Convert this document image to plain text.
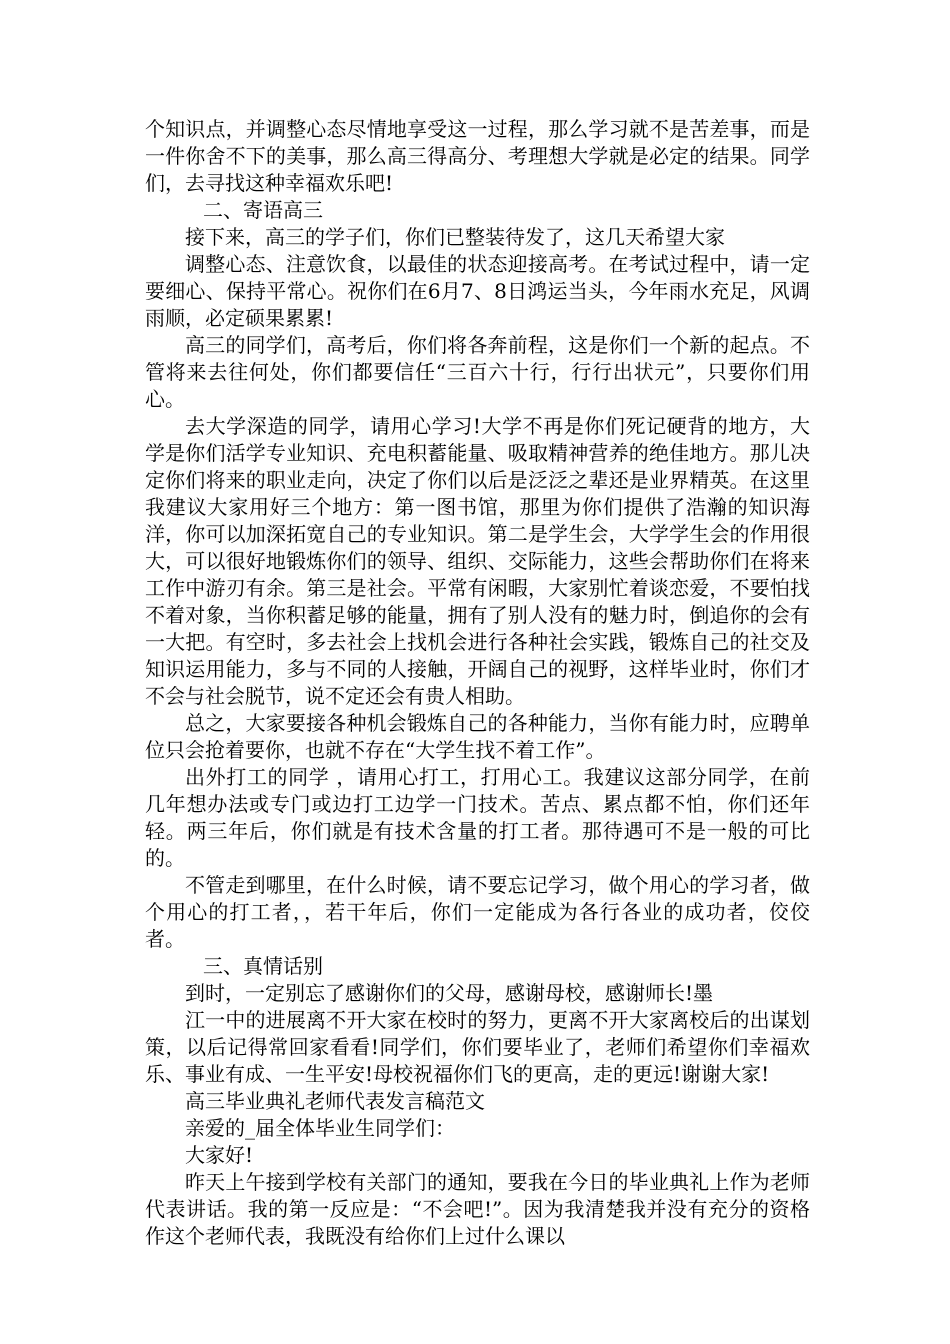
个知识点，并调整心态尽情地享受这一过程，那么学习就不是苦差事，而是一件你舍不下的美事，那么高三得高分、考理想大学就是必定的结果。同学们，去寻找这种幸福欢乐吧!

二、寄语高三

接下来，高三的学子们，你们已整装待发了，这几天希望大家

调整心态、注意饮食，以最佳的状态迎接高考。在考试过程中，请一定要细心、保持平常心。祝你们在6月7、8日鸿运当头，今年雨水充足，风调雨顺，必定硕果累累!

高三的同学们，高考后，你们将各奔前程，这是你们一个新的起点。不管将来去往何处，你们都要信任“三百六十行，行行出状元”，只要你们用心。

去大学深造的同学，请用心学习!大学不再是你们死记硬背的地方，大学是你们活学专业知识、充电积蓄能量、吸取精神营养的绝佳地方。那儿决定你们将来的职业走向，决定了你们以后是泛泛之辈还是业界精英。在这里我建议大家用好三个地方：第一图书馆，那里为你们提供了浩瀚的知识海洋，你可以加深拓宽自己的专业知识。第二是学生会，大学学生会的作用很大，可以很好地锻炼你们的领导、组织、交际能力，这些会帮助你们在将来工作中游刃有余。第三是社会。平常有闲暇，大家别忙着谈恋爱，不要怕找不着对象，当你积蓄足够的能量，拥有了别人没有的魅力时，倒追你的会有一大把。有空时，多去社会上找机会进行各种社会实践，锻炼自己的社交及知识运用能力，多与不同的人接触，开阔自己的视野，这样毕业时，你们才不会与社会脱节，说不定还会有贵人相助。

总之，大家要接各种机会锻炼自己的各种能力，当你有能力时，应聘单位只会抢着要你，也就不存在“大学生找不着工作”。

出外打工的同学 ，请用心打工，打用心工。我建议这部分同学，在前几年想办法或专门或边打工边学一门技术。苦点、累点都不怕，你们还年轻。两三年后，你们就是有技术含量的打工者。那待遇可不是一般的可比的。

不管走到哪里，在什么时候，请不要忘记学习，做个用心的学习者，做个用心的打工者，，若干年后，你们一定能成为各行各业的成功者，佼佼者。

三、真情话别

到时，一定别忘了感谢你们的父母，感谢母校，感谢师长!墨

江一中的进展离不开大家在校时的努力，更离不开大家离校后的出谋划策，以后记得常回家看看!同学们，你们要毕业了，老师们希望你们幸福欢乐、事业有成、一生平安!母校祝福你们飞的更高，走的更远!谢谢大家!

高三毕业典礼老师代表发言稿范文

亲爱的_届全体毕业生同学们：

大家好!

昨天上午接到学校有关部门的通知，要我在今日的毕业典礼上作为老师代表讲话。我的第一反应是：“不会吧!”。因为我清楚我并没有充分的资格作这个老师代表，我既没有给你们上过什么课以
